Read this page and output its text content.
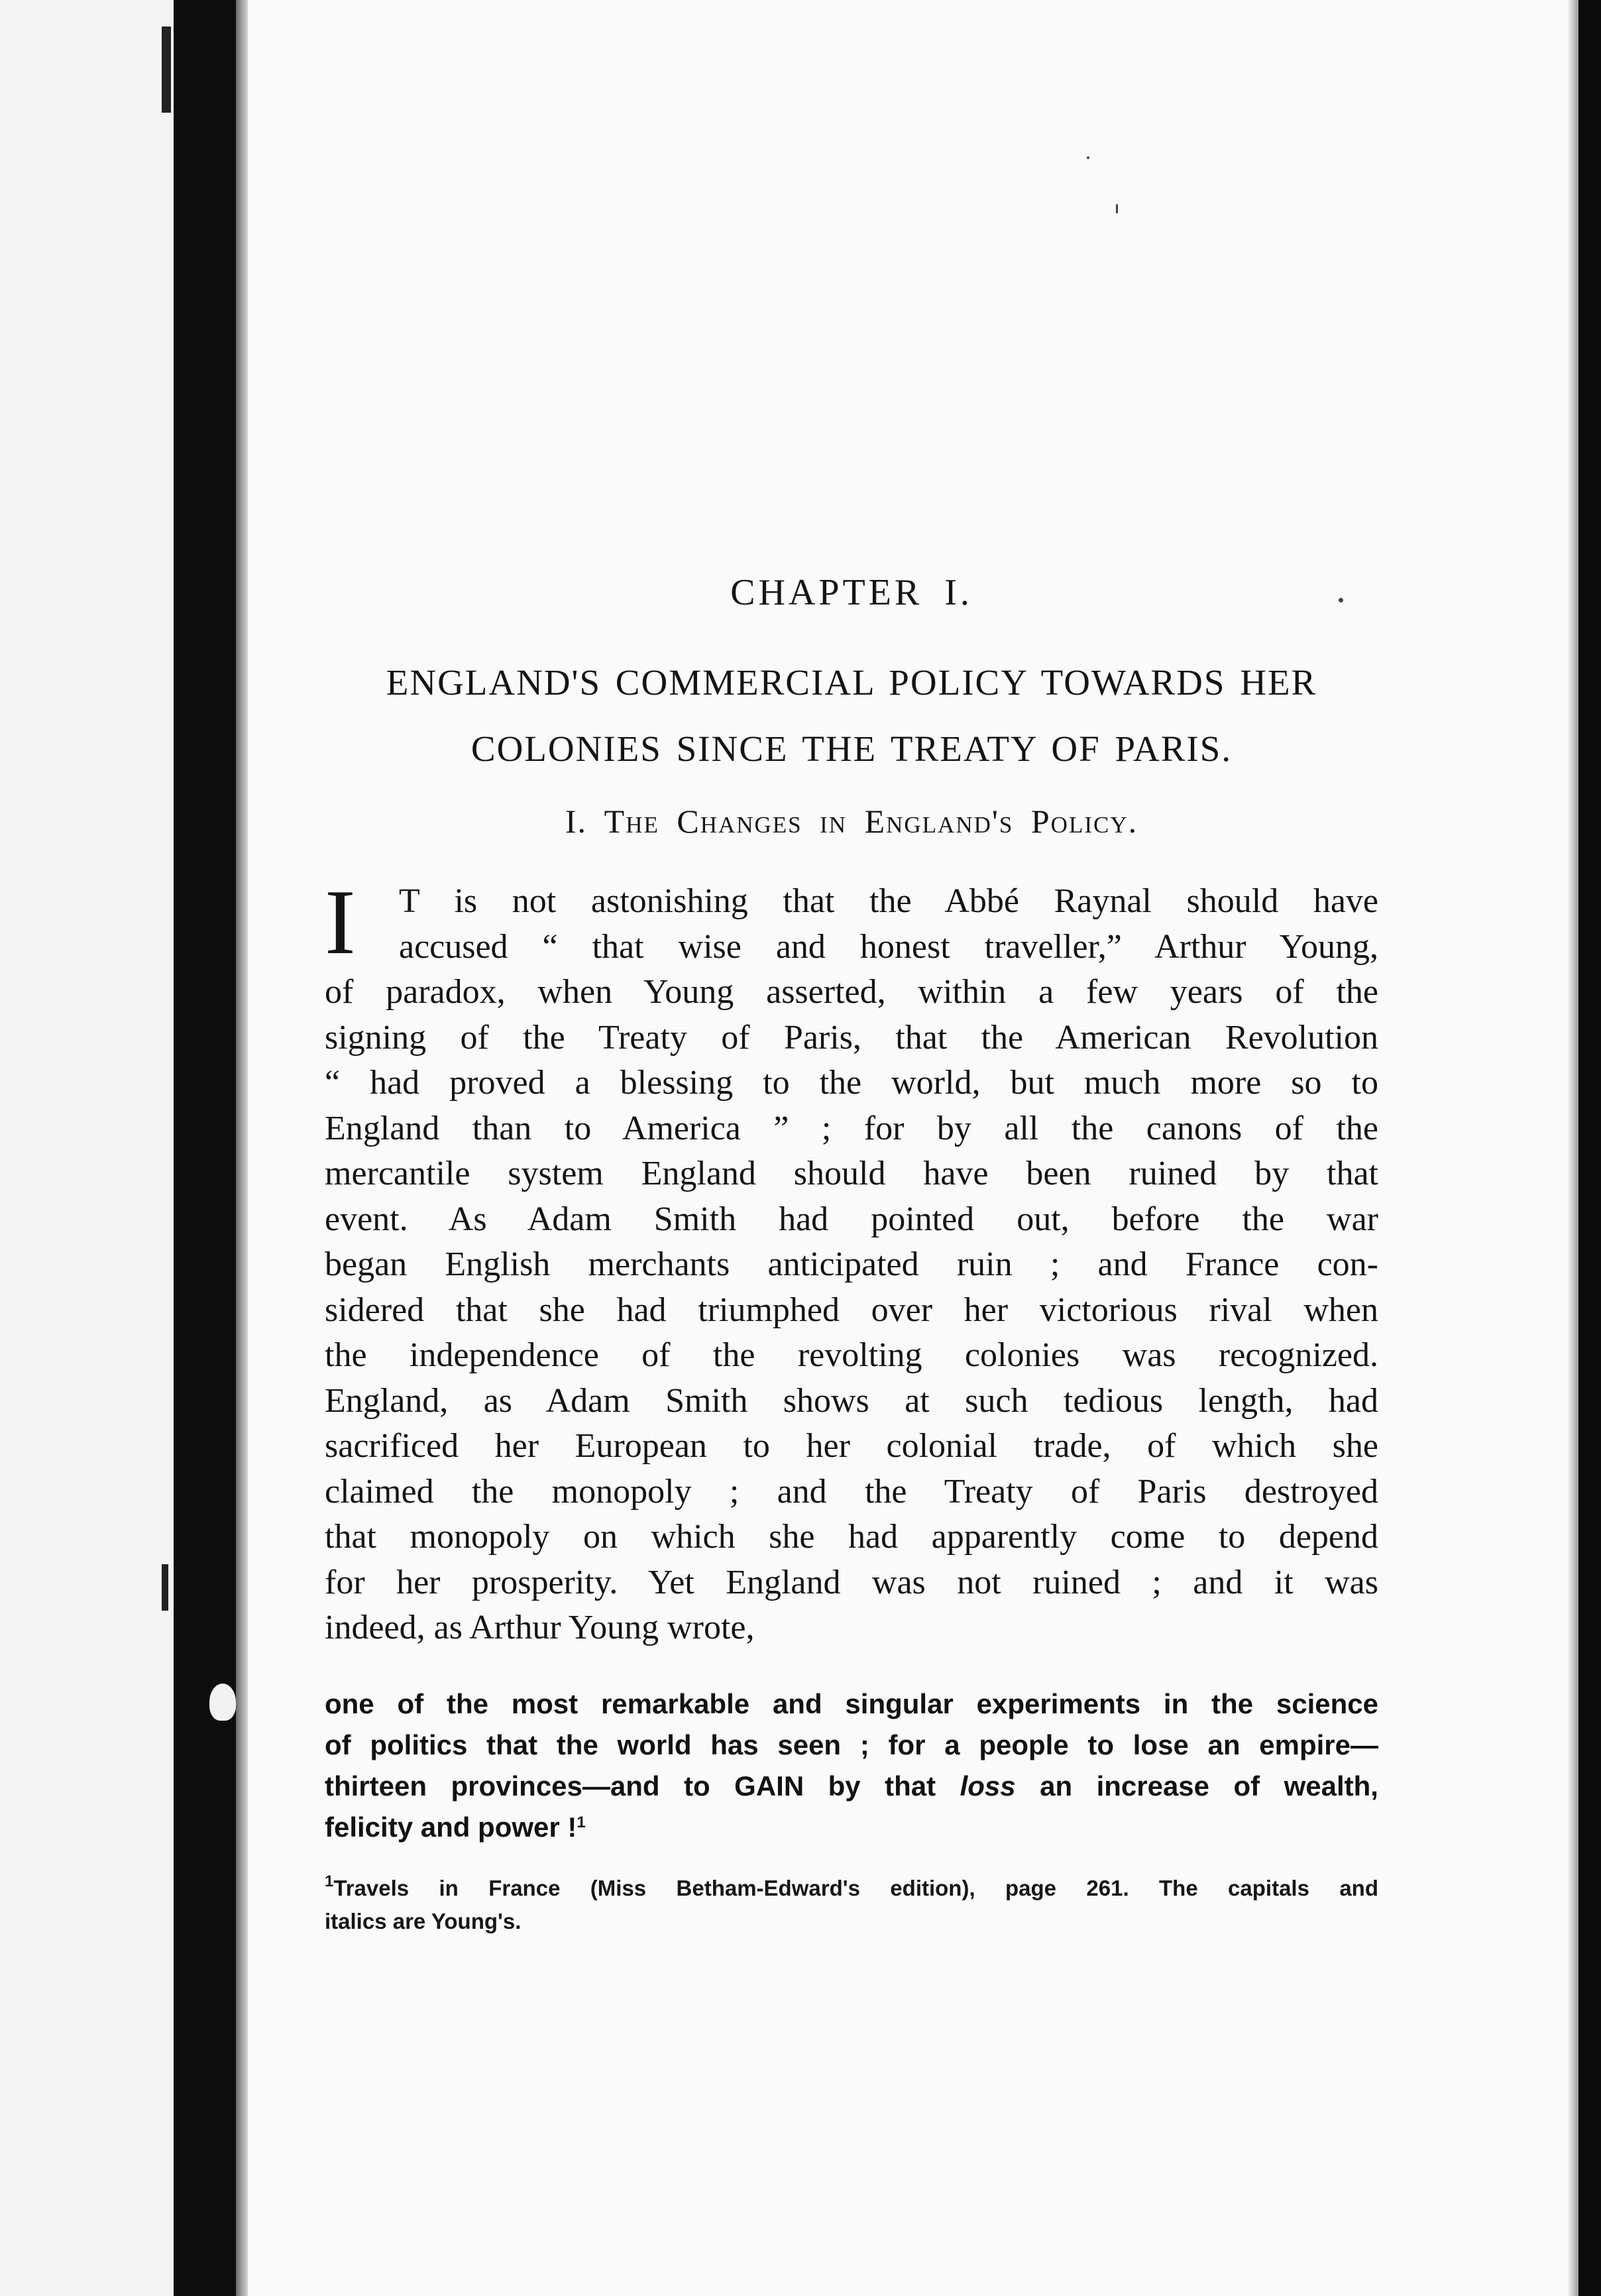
CHAPTER I.
ENGLAND'S COMMERCIAL POLICY TOWARDS HER
COLONIES SINCE THE TREATY OF PARIS.
I. The Changes in England's Policy.
I	T is not astonishing that the Abbé Raynal should have
accused “ that wise and honest traveller,” Arthur Young,
of paradox, when Young asserted, within a few years of the
signing of the Treaty of Paris, that the American Revolution
“ had proved a blessing to the world, but much more so to
England than to America ” ; for by all the canons of the
mercantile system England should have been ruined by that
event. As Adam Smith had pointed out, before the war
began English merchants anticipated ruin ; and France con-
sidered that she had triumphed over her victorious rival when
the independence of the revolting colonies was recognized.
England, as Adam Smith shows at such tedious length, had
sacrificed her European to her colonial trade, of which she
claimed the monopoly ; and the Treaty of Paris destroyed
that monopoly on which she had apparently come to depend
for her prosperity. Yet England was not ruined ; and it was
indeed, as Arthur Young wrote,
one of the most remarkable and singular experiments in the science
of politics that the world has seen ; for a people to lose an empire—
thirteen provinces—and to GAIN by that loss an increase of wealth,
felicity and power !$^1$
$^1$Travels in France (Miss Betham-Edward's edition), page 261. The capitals and
italics are Young's.
